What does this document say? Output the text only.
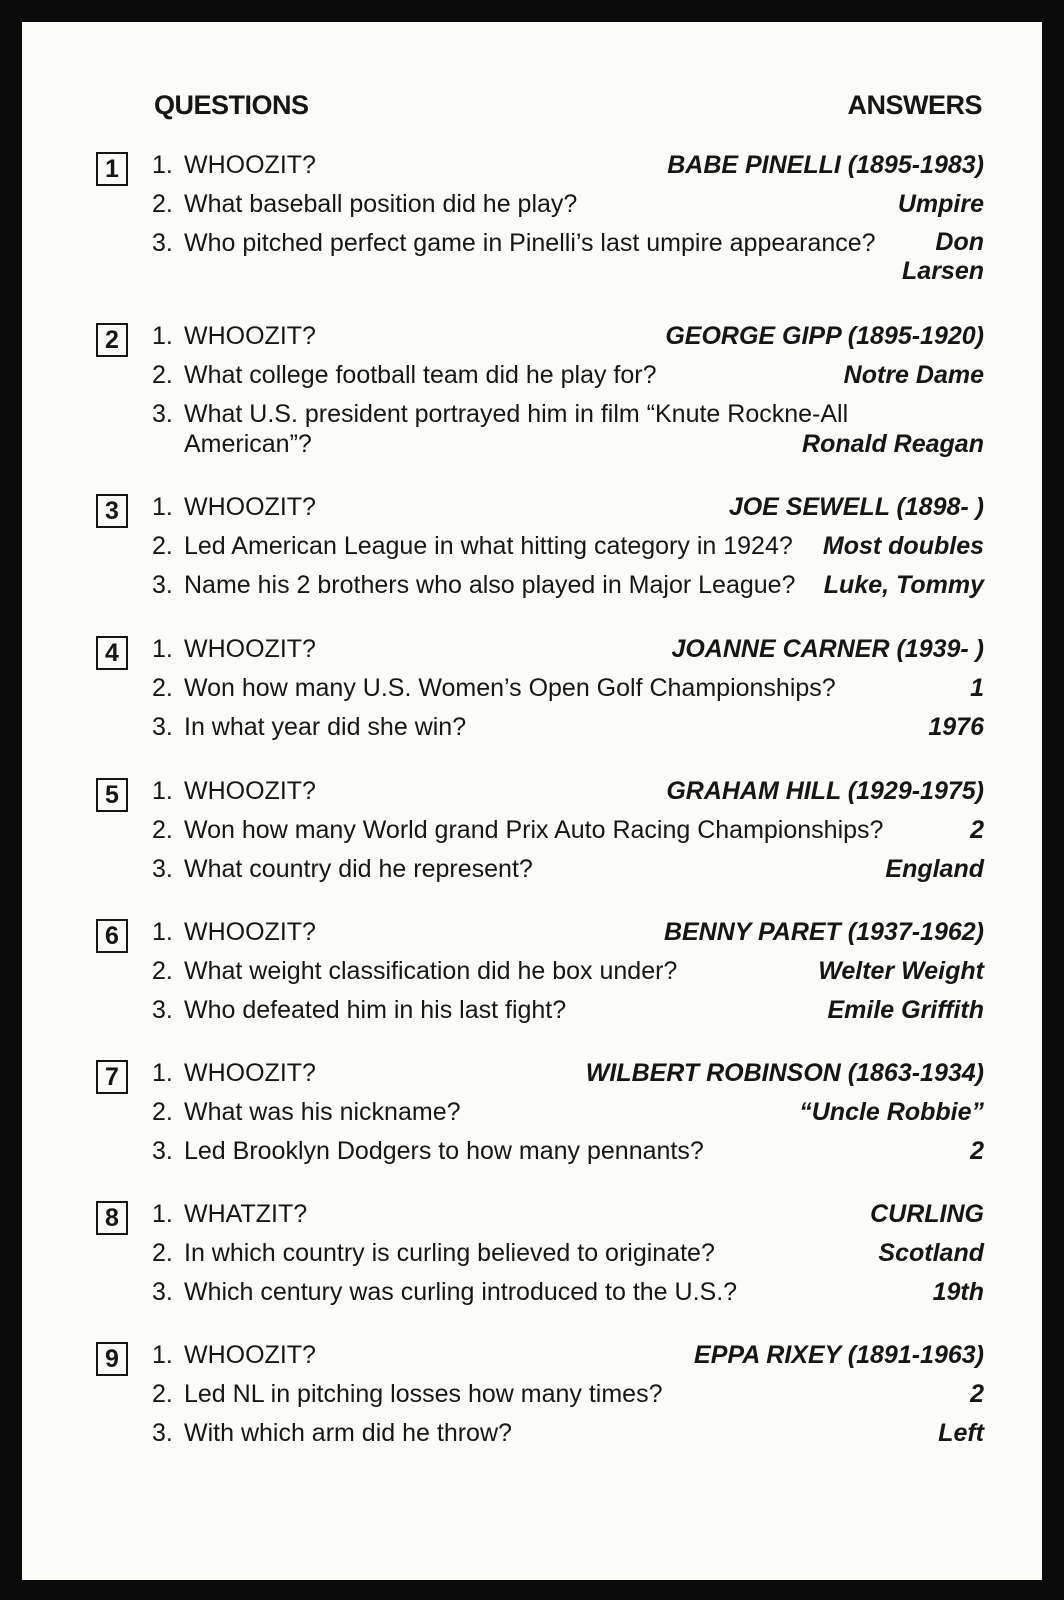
QUESTIONS	ANSWERS
1	1. WHOOZIT?	BABE PINELLI (1895-1983)
2. What baseball position did he play?	Umpire
3. Who pitched perfect game in Pinelli’s last umpire appearance?	Don Larsen
2	1. WHOOZIT?	GEORGE GIPP (1895-1920)
2. What college football team did he play for?	Notre Dame
3. What U.S. president portrayed him in film “Knute Rockne-All American”?	Ronald Reagan
3	1. WHOOZIT?	JOE SEWELL (1898- )
2. Led American League in what hitting category in 1924? Most doubles
3. Name his 2 brothers who also played in Major League? Luke, Tommy
4	1. WHOOZIT?	JOANNE CARNER (1939- )
2. Won how many U.S. Women’s Open Golf Championships?	1
3. In what year did she win?	1976
5	1. WHOOZIT?	GRAHAM HILL (1929-1975)
2. Won how many World grand Prix Auto Racing Championships?	2
3. What country did he represent?	England
6	1. WHOOZIT?	BENNY PARET (1937-1962)
2. What weight classification did he box under?	Welter Weight
3. Who defeated him in his last fight?	Emile Griffith
7	1. WHOOZIT?	WILBERT ROBINSON (1863-1934)
2. What was his nickname?	“Uncle Robbie”
3. Led Brooklyn Dodgers to how many pennants?	2
8	1. WHATZIT?	CURLING
2. In which country is curling believed to originate?	Scotland
3. Which century was curling introduced to the U.S.?	19th
9	1. WHOOZIT?	EPPA RIXEY (1891-1963)
2. Led NL in pitching losses how many times?	2
3. With which arm did he throw?	Left
